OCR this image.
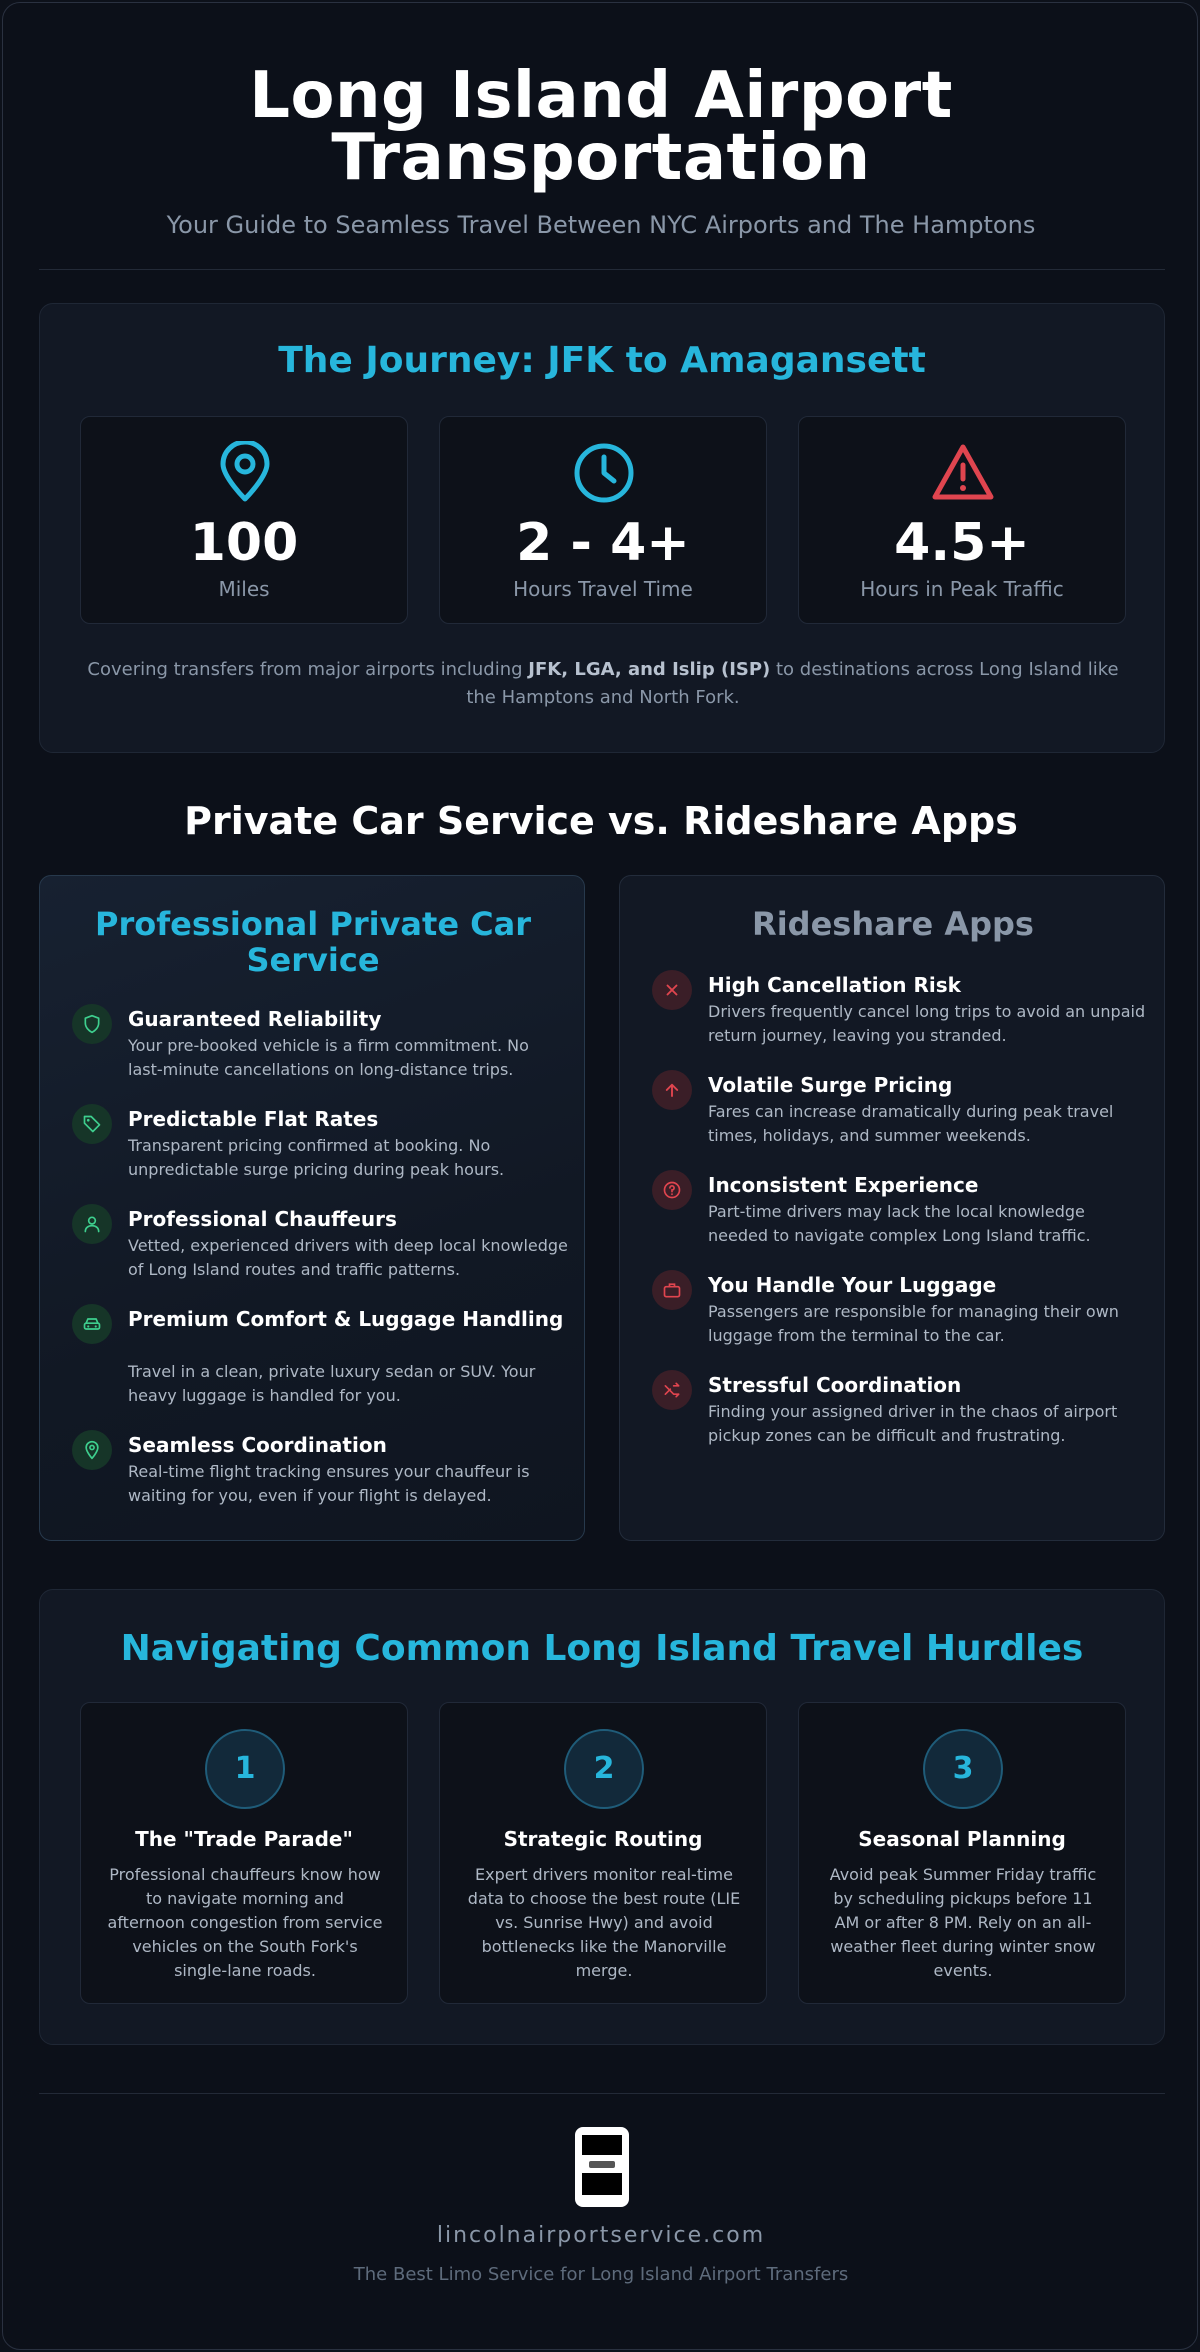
Long Island Airport
Transportation
Your Guide to Seamless Travel Between NYC Airports and The Hamptons
The Journey: JFK to Amagansett
100
Miles
2 - 4+
Hours Travel Time
4.5+
Hours in Peak Traffic
Covering transfers from major airports including JFK, LGA, and Islip (ISP) to destinations across Long Island like the Hamptons and North Fork.
Private Car Service vs. Rideshare Apps
Professional Private Car Service
Guaranteed Reliability
Your pre-booked vehicle is a firm commitment. No last-minute cancellations on long-distance trips.
Predictable Flat Rates
Transparent pricing confirmed at booking. No unpredictable surge pricing during peak hours.
Professional Chauffeurs
Vetted, experienced drivers with deep local knowledge of Long Island routes and traffic patterns.
Premium Comfort & Luggage Handling
Travel in a clean, private luxury sedan or SUV. Your heavy luggage is handled for you.
Seamless Coordination
Real-time flight tracking ensures your chauffeur is waiting for you, even if your flight is delayed.
Rideshare Apps
High Cancellation Risk
Drivers frequently cancel long trips to avoid an unpaid return journey, leaving you stranded.
Volatile Surge Pricing
Fares can increase dramatically during peak travel times, holidays, and summer weekends.
Inconsistent Experience
Part-time drivers may lack the local knowledge needed to navigate complex Long Island traffic.
You Handle Your Luggage
Passengers are responsible for managing their own luggage from the terminal to the car.
Stressful Coordination
Finding your assigned driver in the chaos of airport pickup zones can be difficult and frustrating.
Navigating Common Long Island Travel Hurdles
1
The "Trade Parade"
Professional chauffeurs know how to navigate morning and afternoon congestion from service vehicles on the South Fork's single-lane roads.
2
Strategic Routing
Expert drivers monitor real-time data to choose the best route (LIE vs. Sunrise Hwy) and avoid bottlenecks like the Manorville merge.
3
Seasonal Planning
Avoid peak Summer Friday traffic by scheduling pickups before 11 AM or after 8 PM. Rely on an all-weather fleet during winter snow events.
lincolnairportservice.com
The Best Limo Service for Long Island Airport Transfers
